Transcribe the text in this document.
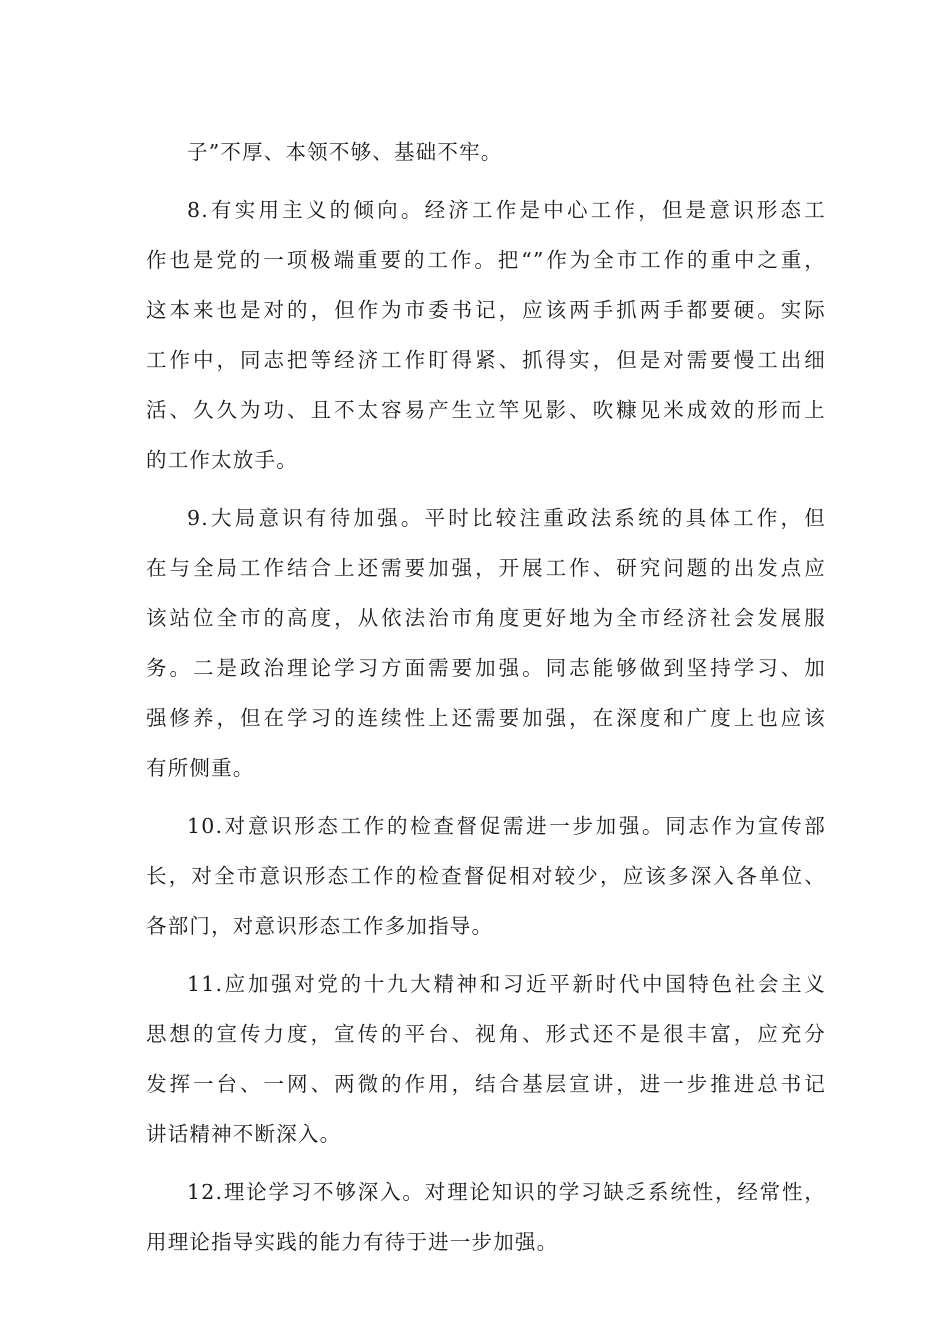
子”不厚、本领不够、基础不牢。
8.有实用主义的倾向。经济工作是中心工作，但是意识形态工
作也是党的一项极端重要的工作。把“”作为全市工作的重中之重，
这本来也是对的，但作为市委书记，应该两手抓两手都要硬。实际
工作中，同志把等经济工作盯得紧、抓得实，但是对需要慢工出细
活、久久为功、且不太容易产生立竿见影、吹糠见米成效的形而上
的工作太放手。
9.大局意识有待加强。平时比较注重政法系统的具体工作，但
在与全局工作结合上还需要加强，开展工作、研究问题的出发点应
该站位全市的高度，从依法治市角度更好地为全市经济社会发展服
务。二是政治理论学习方面需要加强。同志能够做到坚持学习、加
强修养，但在学习的连续性上还需要加强，在深度和广度上也应该
有所侧重。
10.对意识形态工作的检查督促需进一步加强。同志作为宣传部
长，对全市意识形态工作的检查督促相对较少，应该多深入各单位、
各部门，对意识形态工作多加指导。
11.应加强对党的十九大精神和习近平新时代中国特色社会主义
思想的宣传力度，宣传的平台、视角、形式还不是很丰富，应充分
发挥一台、一网、两微的作用，结合基层宣讲，进一步推进总书记
讲话精神不断深入。
12.理论学习不够深入。对理论知识的学习缺乏系统性，经常性，
用理论指导实践的能力有待于进一步加强。
